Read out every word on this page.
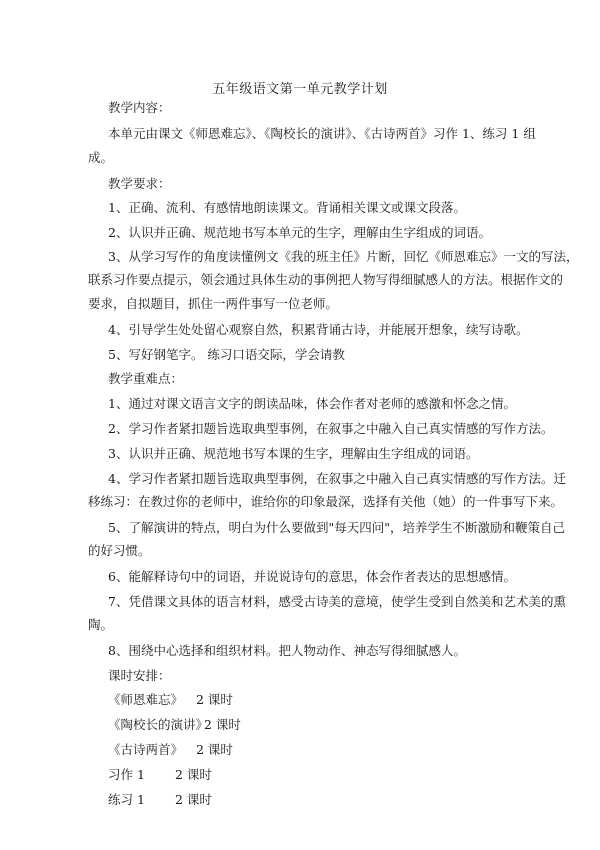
五年级语文第一单元教学计划
教学内容：
本单元由课文《师恩难忘》、《陶校长的演讲》、《古诗两首》习作 1、练习 1 组
成。
教学要求：
1、正确、流利、有感情地朗读课文。背诵相关课文或课文段落。
2、认识并正确、规范地书写本单元的生字，理解由生字组成的词语。
3、从学习写作的角度读懂例文《我的班主任》片断，回忆《师恩难忘》一文的写法，
联系习作要点提示，领会通过具体生动的事例把人物写得细腻感人的方法。根据作文的
要求，自拟题目，抓住一两件事写一位老师。
4、引导学生处处留心观察自然，积累背诵古诗，并能展开想象，续写诗歌。
5、写好钢笔字。 练习口语交际，学会请教
教学重难点：
1、通过对课文语言文字的朗读品味，体会作者对老师的感激和怀念之情。
2、学习作者紧扣题旨选取典型事例，在叙事之中融入自己真实情感的写作方法。
3、认识并正确、规范地书写本课的生字，理解由生字组成的词语。
4、学习作者紧扣题旨选取典型事例，在叙事之中融入自己真实情感的写作方法。迁
移练习：在教过你的老师中，谁给你的印象最深，选择有关他（她）的一件事写下来。
5、了解演讲的特点，明白为什么要做到"每天四问"，培养学生不断激励和鞭策自己
的好习惯。
6、能解释诗句中的词语，并说说诗句的意思，体会作者表达的思想感情。
7、凭借课文具体的语言材料，感受古诗美的意境，使学生受到自然美和艺术美的熏
陶。
8、围绕中心选择和组织材料。把人物动作、神态写得细腻感人。
课时安排：
《师恩难忘》 2 课时
《陶校长的演讲》
2 课时
《古诗两首》 2 课时
习作 1 2 课时
练习 1 2 课时
